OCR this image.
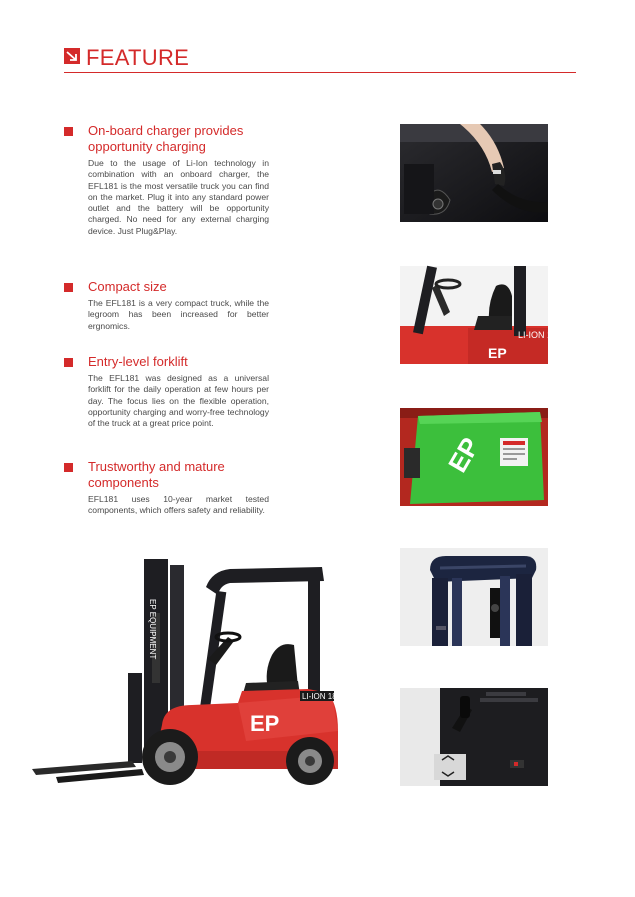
FEATURE
On-board charger provides opportunity charging
Due to the usage of Li-Ion technology in combination with an onboard charger, the EFL181 is the most versatile truck you can find on the market. Plug it into any standard power outlet and the battery will be opportunity charged. No need for any external charging device. Just Plug&Play.
Compact size
The EFL181 is a very compact truck, while the legroom has been increased for better ergnomics.
Entry-level forklift
The EFL181 was designed as a universal forklift for the daily operation at few hours per day. The focus lies on the flexible operation, opportunity charging and worry-free technology of the truck at a great price point.
Trustworthy and mature components
EFL181 uses 10-year market tested components, which offers safety and reliability.
LI-ION 18
EP
EP
EP EQUIPMENT
LI-ION 18
EP
